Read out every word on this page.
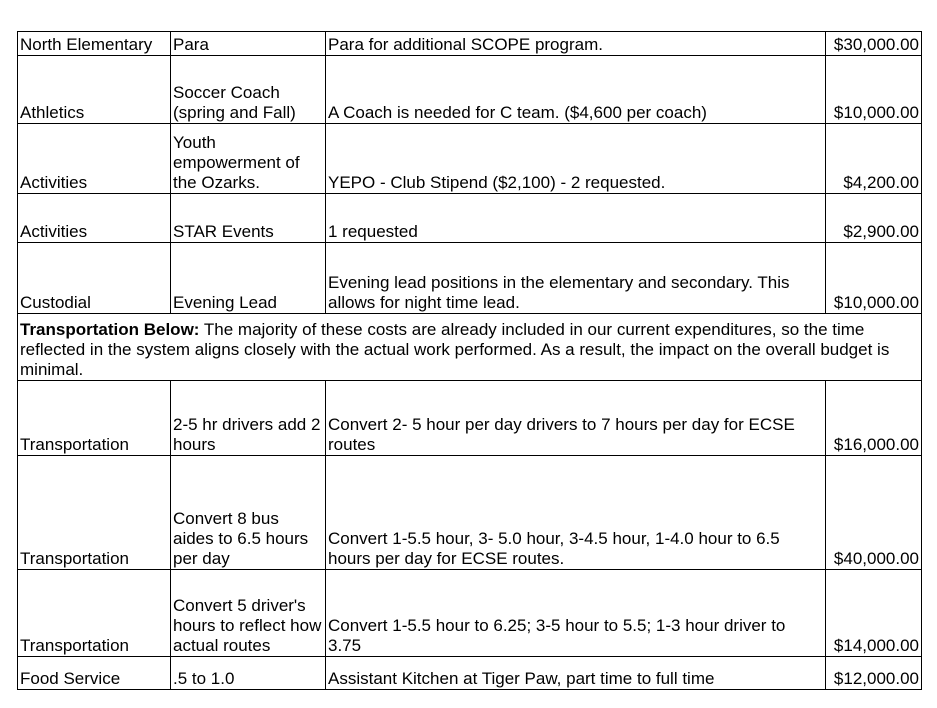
North Elementary	Para	Para for additional SCOPE program.	$30,000.00
Athletics	Soccer Coach (spring and Fall)	A Coach is needed for C team. ($4,600 per coach)	$10,000.00
Activities	Youth empowerment of the Ozarks.	YEPO - Club Stipend ($2,100) - 2 requested.	$4,200.00
Activities	STAR Events	1 requested	$2,900.00
Custodial	Evening Lead	Evening lead positions in the elementary and secondary. This allows for night time lead.	$10,000.00
Transportation Below: The majority of these costs are already included in our current expenditures, so the time reflected in the system aligns closely with the actual work performed. As a result, the impact on the overall budget is minimal.			
Transportation	2-5 hr drivers add 2 hours	Convert 2- 5 hour per day drivers to 7 hours per day for ECSE routes	$16,000.00
Transportation	Convert 8 bus aides to 6.5 hours per day	Convert 1-5.5 hour, 3- 5.0 hour, 3-4.5 hour, 1-4.0 hour to 6.5 hours per day for ECSE routes.	$40,000.00
Transportation	Convert 5 driver's hours to reflect how actual routes	Convert 1-5.5 hour to 6.25; 3-5 hour to 5.5; 1-3 hour driver to 3.75	$14,000.00
Food Service	.5 to 1.0	Assistant Kitchen at Tiger Paw, part time to full time	$12,000.00
